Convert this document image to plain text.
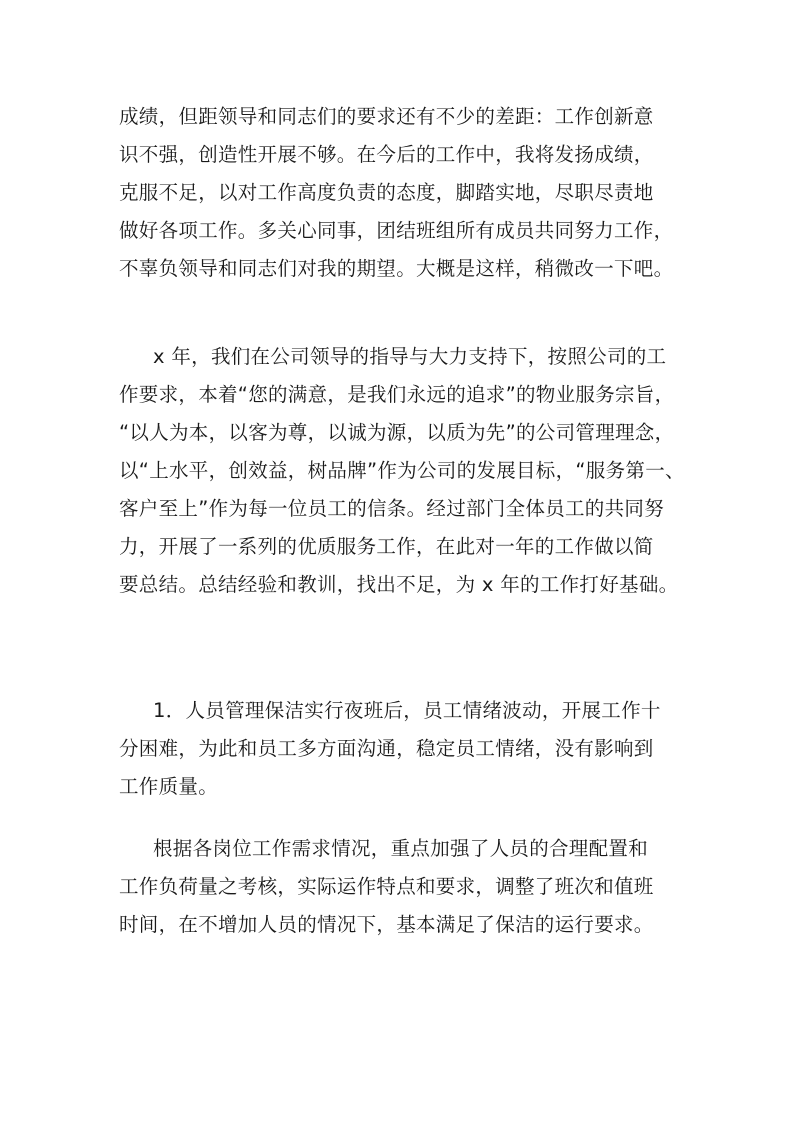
成绩，但距领导和同志们的要求还有不少的差距：工作创新意
识不强，创造性开展不够。在今后的工作中，我将发扬成绩，
克服不足，以对工作高度负责的态度，脚踏实地，尽职尽责地
做好各项工作。多关心同事，团结班组所有成员共同努力工作，
不辜负领导和同志们对我的期望。大概是这样，稍微改一下吧。
x 年，我们在公司领导的指导与大力支持下，按照公司的工
作要求，本着“您的满意，是我们永远的追求”的物业服务宗旨，
“以人为本，以客为尊，以诚为源，以质为先”的公司管理理念，
以“上水平，创效益，树品牌”作为公司的发展目标，“服务第一、
客户至上”作为每一位员工的信条。经过部门全体员工的共同努
力，开展了一系列的优质服务工作，在此对一年的工作做以简
要总结。总结经验和教训，找出不足，为 x 年的工作打好基础。
1．人员管理保洁实行夜班后，员工情绪波动，开展工作十
分困难，为此和员工多方面沟通，稳定员工情绪，没有影响到
工作质量。
根据各岗位工作需求情况，重点加强了人员的合理配置和
工作负荷量之考核，实际运作特点和要求，调整了班次和值班
时间，在不增加人员的情况下，基本满足了保洁的运行要求。
